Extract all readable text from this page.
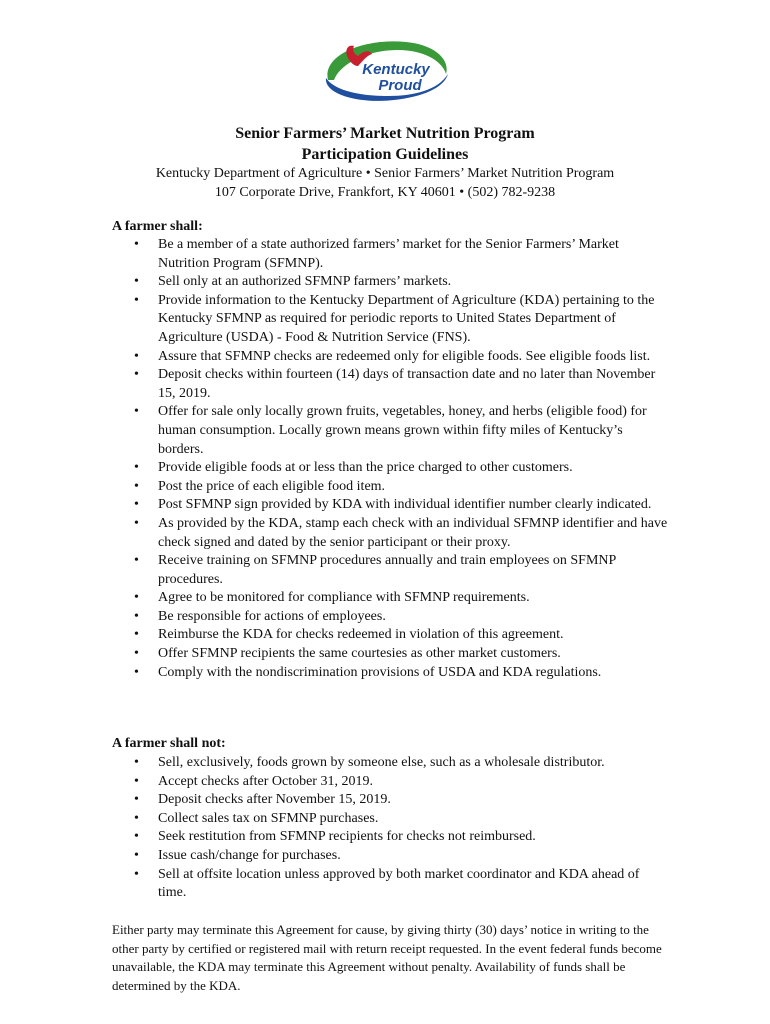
Kentucky
Proud
Senior Farmers’ Market Nutrition Program
Participation Guidelines
Kentucky Department of Agriculture • Senior Farmers’ Market Nutrition Program
107 Corporate Drive, Frankfort, KY 40601 • (502) 782-9238
A farmer shall:
• Be a member of a state authorized farmers’ market for the Senior Farmers’ Market Nutrition Program (SFMNP).
• Sell only at an authorized SFMNP farmers’ markets.
• Provide information to the Kentucky Department of Agriculture (KDA) pertaining to the Kentucky SFMNP as required for periodic reports to United States Department of Agriculture (USDA) - Food & Nutrition Service (FNS).
• Assure that SFMNP checks are redeemed only for eligible foods. See eligible foods list.
• Deposit checks within fourteen (14) days of transaction date and no later than November 15, 2019.
• Offer for sale only locally grown fruits, vegetables, honey, and herbs (eligible food) for human consumption. Locally grown means grown within fifty miles of Kentucky’s borders.
• Provide eligible foods at or less than the price charged to other customers.
• Post the price of each eligible food item.
• Post SFMNP sign provided by KDA with individual identifier number clearly indicated.
• As provided by the KDA, stamp each check with an individual SFMNP identifier and have check signed and dated by the senior participant or their proxy.
• Receive training on SFMNP procedures annually and train employees on SFMNP procedures.
• Agree to be monitored for compliance with SFMNP requirements.
• Be responsible for actions of employees.
• Reimburse the KDA for checks redeemed in violation of this agreement.
• Offer SFMNP recipients the same courtesies as other market customers.
• Comply with the nondiscrimination provisions of USDA and KDA regulations.
A farmer shall not:
• Sell, exclusively, foods grown by someone else, such as a wholesale distributor.
• Accept checks after October 31, 2019.
• Deposit checks after November 15, 2019.
• Collect sales tax on SFMNP purchases.
• Seek restitution from SFMNP recipients for checks not reimbursed.
• Issue cash/change for purchases.
• Sell at offsite location unless approved by both market coordinator and KDA ahead of time.
Either party may terminate this Agreement for cause, by giving thirty (30) days’ notice in writing to the other party by certified or registered mail with return receipt requested. In the event federal funds become unavailable, the KDA may terminate this Agreement without penalty. Availability of funds shall be determined by the KDA.
